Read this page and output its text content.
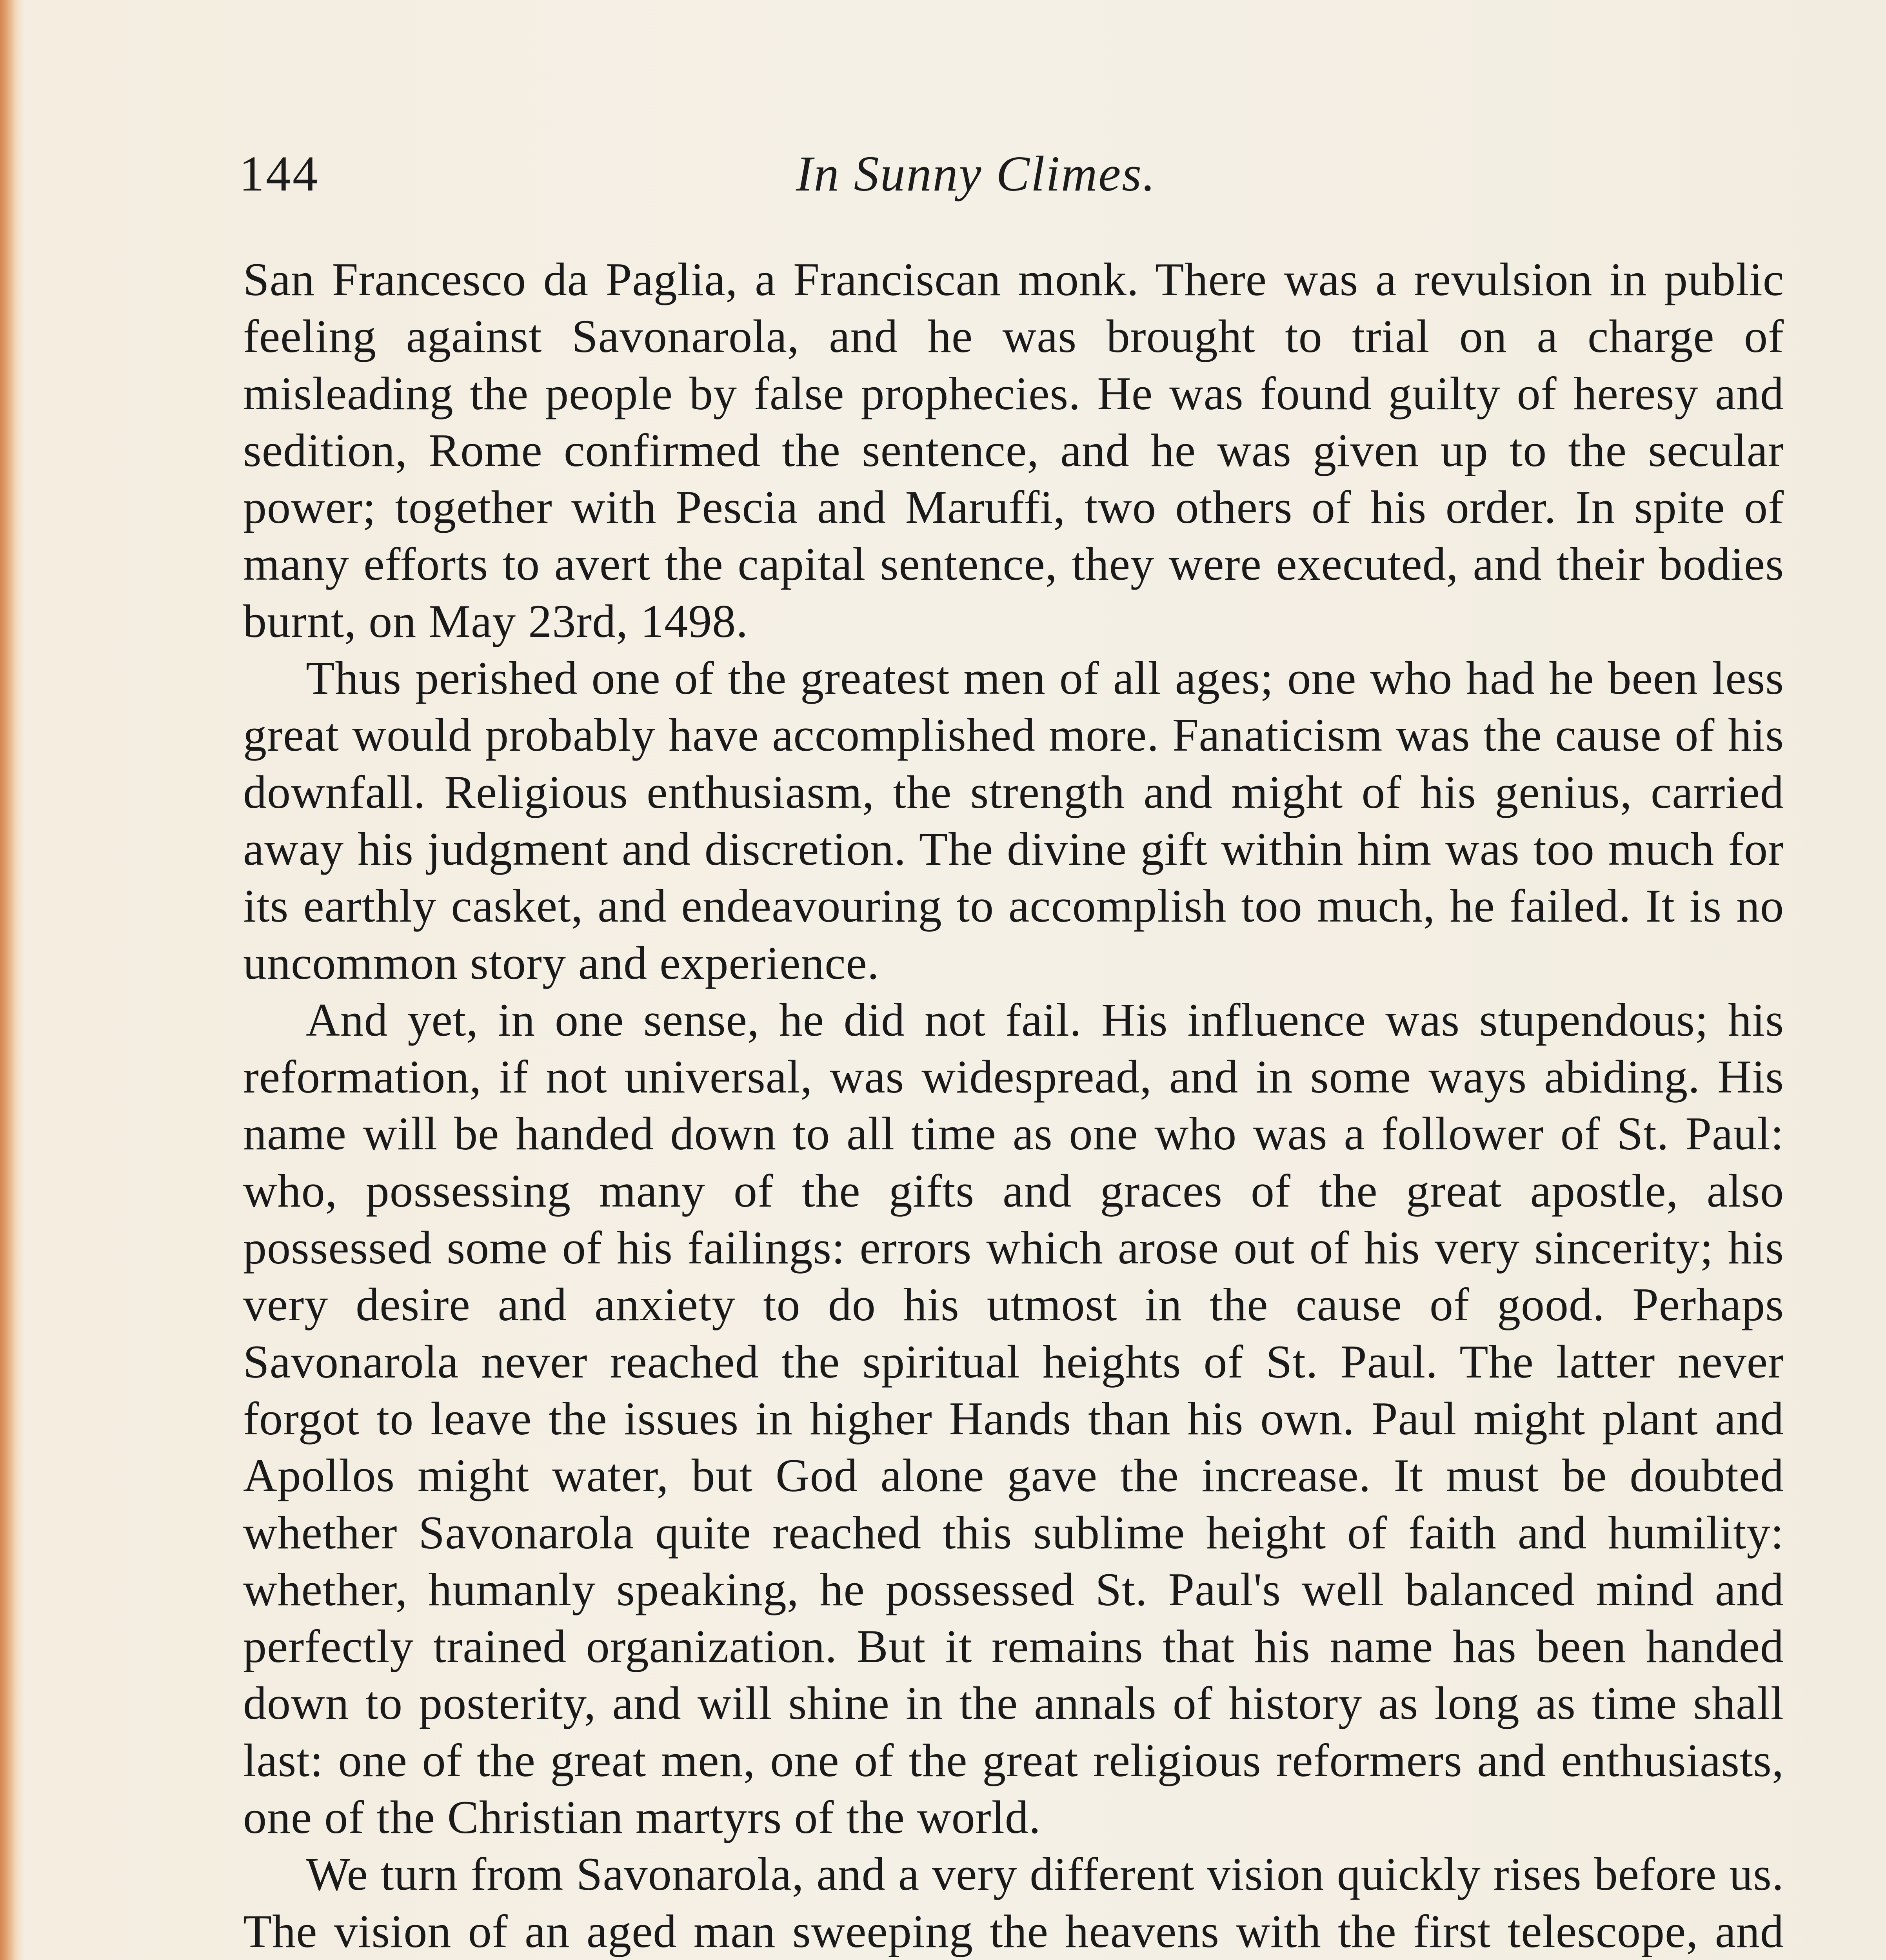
144	In Sunny Climes.

San Francesco da Paglia, a Franciscan monk. There was a revulsion in public feeling against Savonarola, and he was brought to trial on a charge of misleading the people by false prophecies. He was found guilty of heresy and sedition, Rome confirmed the sentence, and he was given up to the secular power; together with Pescia and Maruffi, two others of his order. In spite of many efforts to avert the capital sentence, they were executed, and their bodies burnt, on May 23rd, 1498.

Thus perished one of the greatest men of all ages; one who had he been less great would probably have accomplished more. Fanaticism was the cause of his downfall. Religious enthusiasm, the strength and might of his genius, carried away his judgment and discretion. The divine gift within him was too much for its earthly casket, and endeavouring to accomplish too much, he failed. It is no uncommon story and experience.

And yet, in one sense, he did not fail. His influence was stupendous; his reformation, if not universal, was widespread, and in some ways abiding. His name will be handed down to all time as one who was a follower of St. Paul: who, possessing many of the gifts and graces of the great apostle, also possessed some of his failings: errors which arose out of his very sincerity; his very desire and anxiety to do his utmost in the cause of good. Perhaps Savonarola never reached the spiritual heights of St. Paul. The latter never forgot to leave the issues in higher Hands than his own. Paul might plant and Apollos might water, but God alone gave the increase. It must be doubted whether Savonarola quite reached this sublime height of faith and humility: whether, humanly speaking, he possessed St. Paul's well balanced mind and perfectly trained organization. But it remains that his name has been handed down to posterity, and will shine in the annals of history as long as time shall last: one of the great men, one of the great religious reformers and enthusiasts, one of the Christian martyrs of the world.

We turn from Savonarola, and a very different vision quickly rises before us. The vision of an aged man sweeping the heavens with the first telescope, and
